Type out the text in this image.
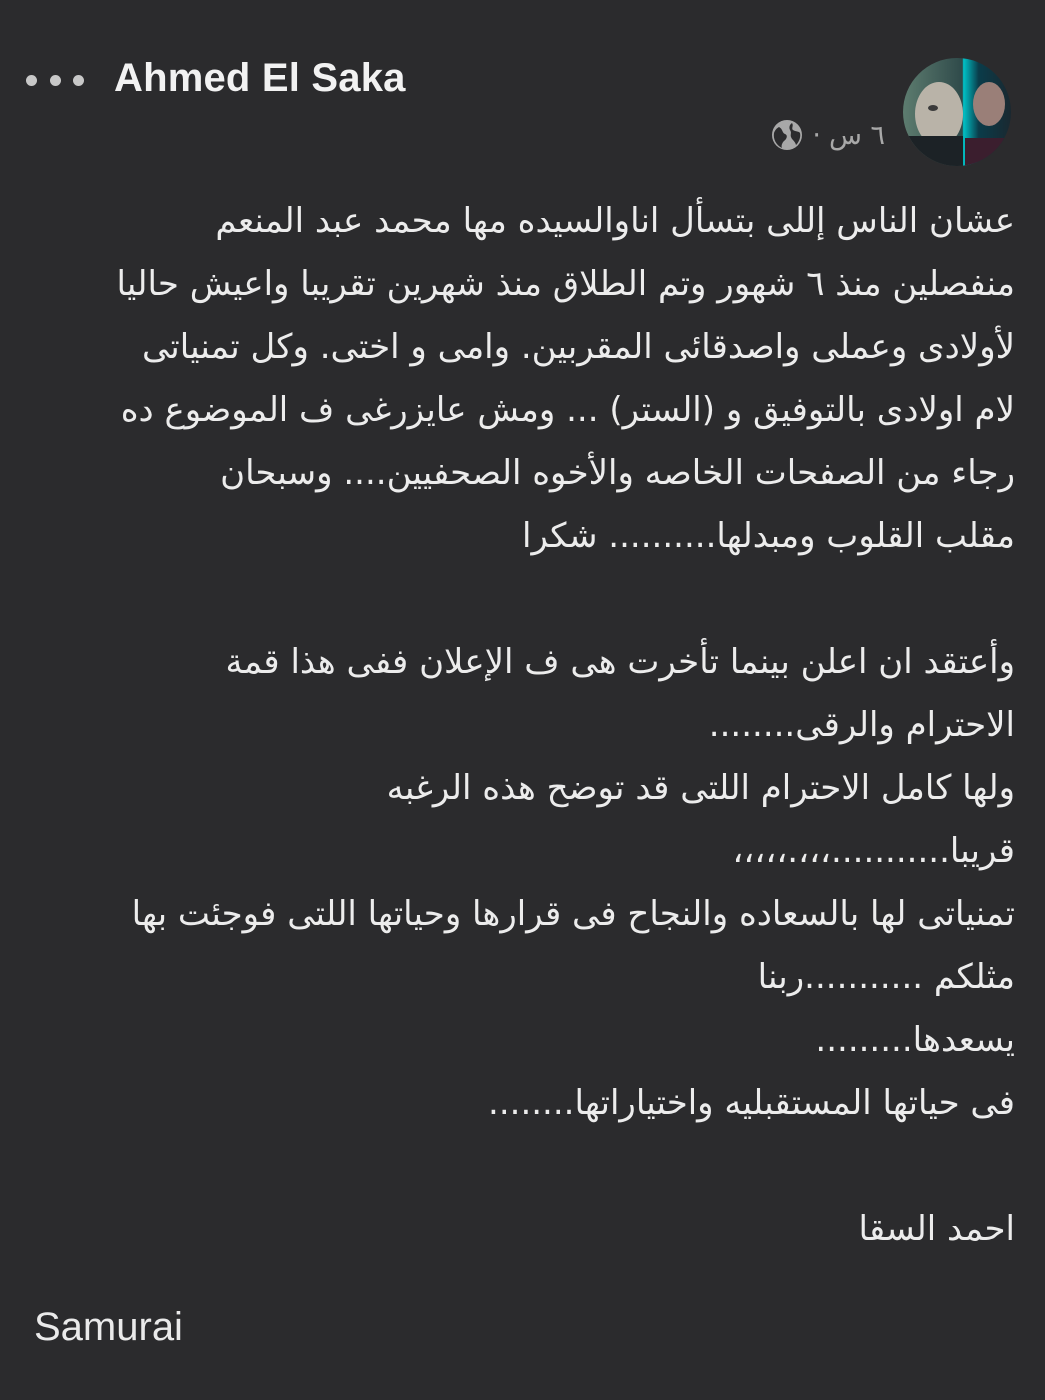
Ahmed El Saka
· ٦ س
عشان الناس إللى بتسأل اناوالسيده مها محمد عبد المنعم
منفصلين منذ ٦ شهور وتم الطلاق منذ شهرين تقريبا واعيش حاليا
لأولادى وعملى واصدقائى المقربين. وامى و اختى. وكل تمنياتى
لام اولادى بالتوفيق و (الستر) ... ومش عايزرغى ف الموضوع ده
رجاء من الصفحات الخاصه والأخوه الصحفيين.... وسبحان
مقلب القلوب ومبدلها.......... شكرا
وأعتقد ان اعلن بينما تأخرت هى ف الإعلان ففى هذا قمة
الاحترام والرقى........
ولها كامل الاحترام اللتى قد توضح هذه الرغبه
قريبا...........،،،.،،،،،
تمنياتى لها بالسعاده والنجاح فى قرارها وحياتها اللتى فوجئت بها
مثلكم ...........ربنا
يسعدها.........
فى حياتها المستقبليه واختياراتها........
احمد السقا
Samurai
